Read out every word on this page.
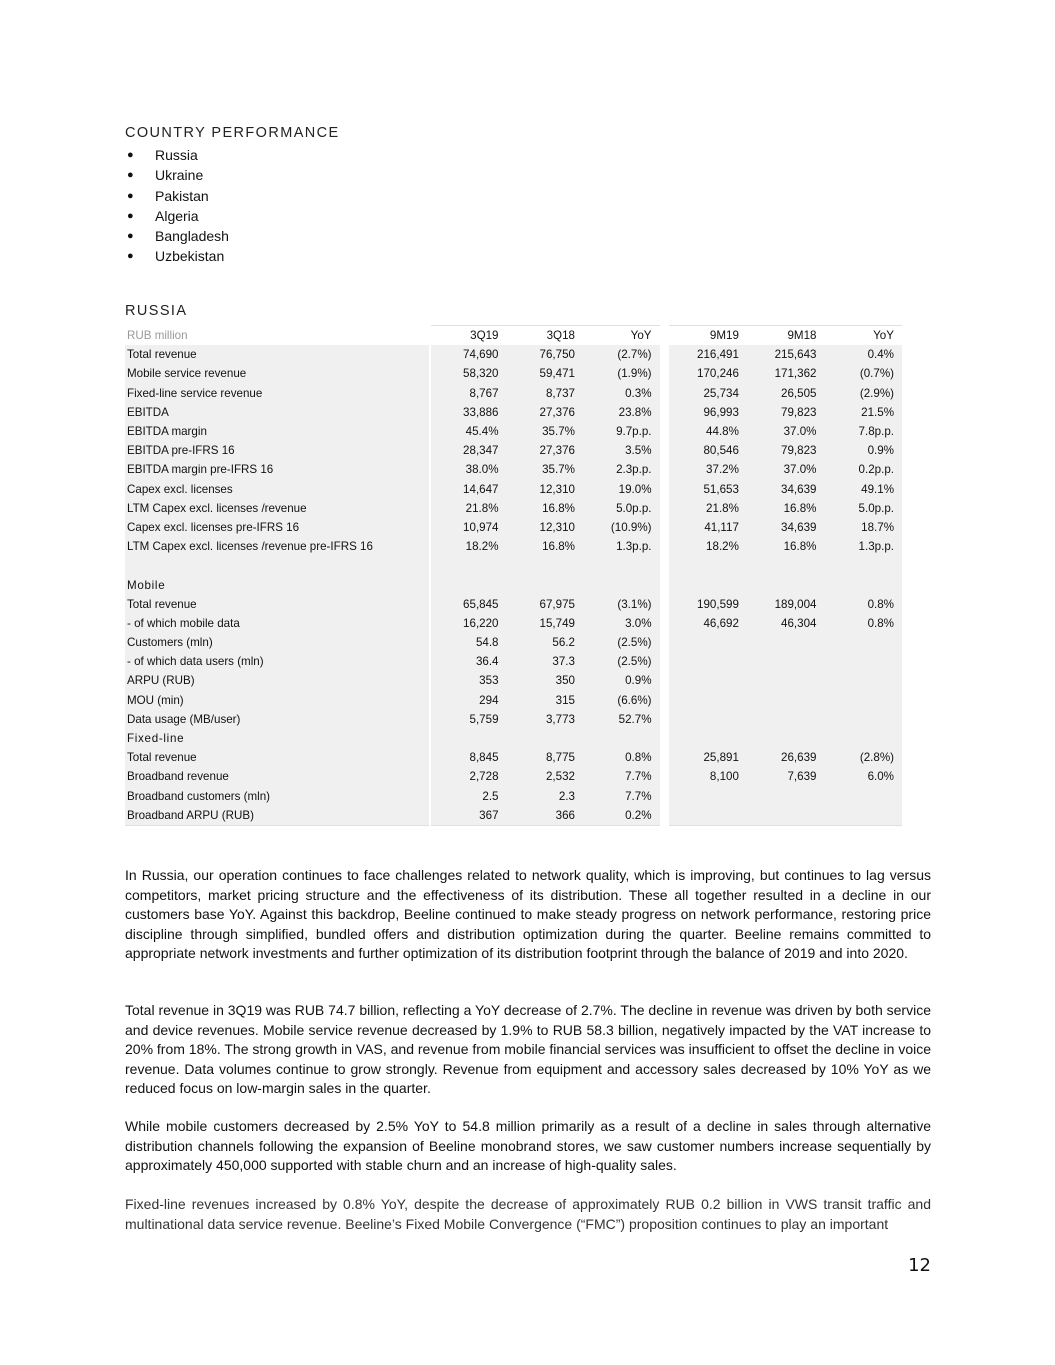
COUNTRY PERFORMANCE
● Russia
● Ukraine
● Pakistan
● Algeria
● Bangladesh
● Uzbekistan
RUSSIA
RUB million		3Q19	3Q18	YoY		9M19	9M18	YoY
Total revenue		74,690	76,750	(2.7%)		216,491	215,643	0.4%
Mobile service revenue		58,320	59,471	(1.9%)		170,246	171,362	(0.7%)
Fixed-line service revenue		8,767	8,737	0.3%		25,734	26,505	(2.9%)
EBITDA		33,886	27,376	23.8%		96,993	79,823	21.5%
EBITDA margin		45.4%	35.7%	9.7p.p.		44.8%	37.0%	7.8p.p.
EBITDA pre-IFRS 16		28,347	27,376	3.5%		80,546	79,823	0.9%
EBITDA margin pre-IFRS 16		38.0%	35.7%	2.3p.p.		37.2%	37.0%	0.2p.p.
Capex excl. licenses		14,647	12,310	19.0%		51,653	34,639	49.1%
LTM Capex excl. licenses /revenue		21.8%	16.8%	5.0p.p.		21.8%	16.8%	5.0p.p.
Capex excl. licenses pre-IFRS 16		10,974	12,310	(10.9%)		41,117	34,639	18.7%
LTM Capex excl. licenses /revenue pre-IFRS 16		18.2%	16.8%	1.3p.p.		18.2%	16.8%	1.3p.p.

Mobile								
Total revenue		65,845	67,975	(3.1%)		190,599	189,004	0.8%
- of which mobile data		16,220	15,749	3.0%		46,692	46,304	0.8%
Customers (mln)		54.8	56.2	(2.5%)				
- of which data users (mln)		36.4	37.3	(2.5%)				
ARPU (RUB)		353	350	0.9%				
MOU (min)		294	315	(6.6%)				
Data usage (MB/user)		5,759	3,773	52.7%				
Fixed-line								
Total revenue		8,845	8,775	0.8%		25,891	26,639	(2.8%)
Broadband revenue		2,728	2,532	7.7%		8,100	7,639	6.0%
Broadband customers (mln)		2.5	2.3	7.7%				
Broadband ARPU (RUB)		367	366	0.2%				
In Russia, our operation continues to face challenges related to network quality, which is improving, but continues to lag versus competitors, market pricing structure and the effectiveness of its distribution. These all together resulted in a decline in our customers base YoY. Against this backdrop, Beeline continued to make steady progress on network performance, restoring price discipline through simplified, bundled offers and distribution optimization during the quarter. Beeline remains committed to appropriate network investments and further optimization of its distribution footprint through the balance of 2019 and into 2020.
Total revenue in 3Q19 was RUB 74.7 billion, reflecting a YoY decrease of 2.7%. The decline in revenue was driven by both service and device revenues. Mobile service revenue decreased by 1.9% to RUB 58.3 billion, negatively impacted by the VAT increase to 20% from 18%. The strong growth in VAS, and revenue from mobile financial services was insufficient to offset the decline in voice revenue. Data volumes continue to grow strongly. Revenue from equipment and accessory sales decreased by 10% YoY as we reduced focus on low-margin sales in the quarter.
While mobile customers decreased by 2.5% YoY to 54.8 million primarily as a result of a decline in sales through alternative distribution channels following the expansion of Beeline monobrand stores, we saw customer numbers increase sequentially by approximately 450,000 supported with stable churn and an increase of high-quality sales.
Fixed-line revenues increased by 0.8% YoY, despite the decrease of approximately RUB 0.2 billion in VWS transit traffic and multinational data service revenue. Beeline’s Fixed Mobile Convergence (“FMC”) proposition continues to play an important
12
